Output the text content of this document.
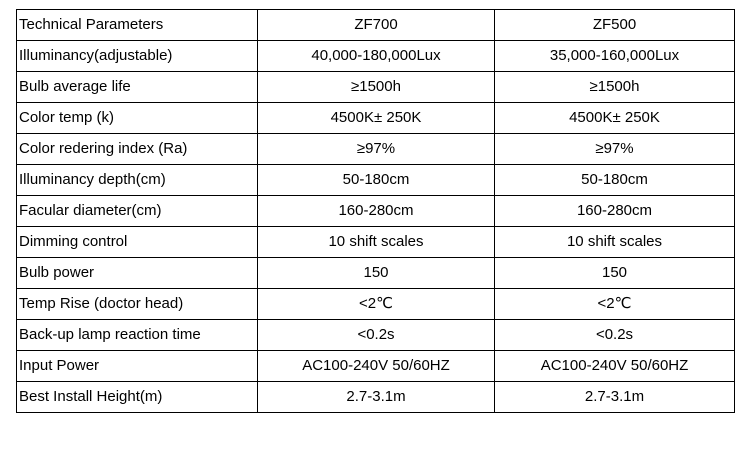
Technical Parameters	ZF700	ZF500
Illuminancy(adjustable)	40,000-180,000Lux	35,000-160,000Lux
Bulb average life	≥1500h	≥1500h
Color temp (k)	4500K± 250K	4500K± 250K
Color redering index (Ra)	≥97%	≥97%
Illuminancy depth(cm)	50-180cm	50-180cm
Facular diameter(cm)	160-280cm	160-280cm
Dimming control	10 shift scales	10 shift scales
Bulb power	150	150
Temp Rise (doctor head)	<2℃	<2℃
Back-up lamp reaction time	<0.2s	<0.2s
Input Power	AC100-240V 50/60HZ	AC100-240V 50/60HZ
Best Install Height(m)	2.7-3.1m	2.7-3.1m
